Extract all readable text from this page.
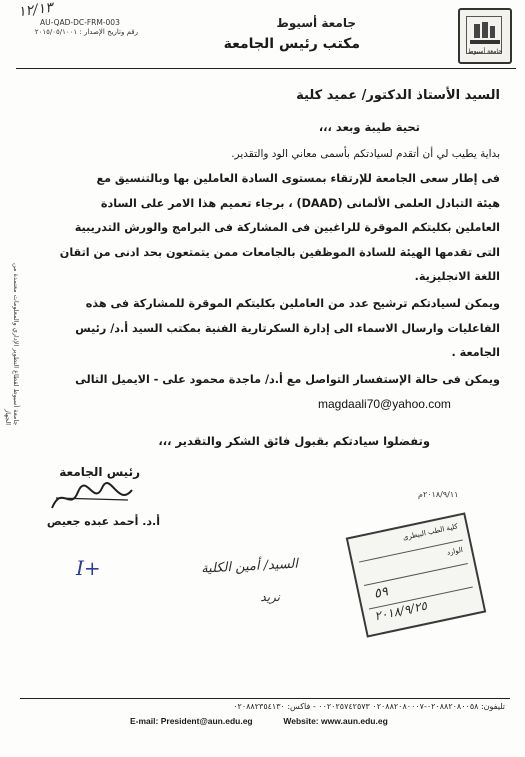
١٢/١٣
AU-QAD-DC-FRM-003
رقم وتاريخ الإصدار : ٢٠١٥/٠٥/١٠٠١
جامعة أسيوط
مكتب رئيس الجامعة	جامعة أسيوط
السيد الأستاذ الدكتور/ عميد كلية
تحية طيبة وبعد ،،،
بداية يطيب لي أن أتقدم لسيادتكم بأسمى معاني الود والتقدير.
فى إطار سعى الجامعة للإرتقاء بمستوى السادة العاملين بها وبالتنسيق مع
هيئة التبادل العلمى الألمانى (DAAD) ، برجاء تعميم هذا الامر على السادة
العاملين بكليتكم الموقرة للراغبين فى المشاركة فى البرامج والورش التدريبية
التى تقدمها الهيئة للسادة الموظفين بالجامعات ممن يتمتعون بحد ادنى من اتقان
اللغة الانجليزية.
ويمكن لسيادتكم ترشيح عدد من العاملين بكليتكم الموقرة للمشاركة فى هذه
الفاعليات وارسال الاسماء الى إدارة السكرتارية الفنية بمكتب السيد أ.د/ رئيس
الجامعة .
ويمكن فى حالة الإستفسار التواصل مع أ.د/ ماجدة محمود على - الايميل التالى
magdaali70@yahoo.com
وتفضلوا سيادتكم بقبول فائق الشكر والتقدير ،،،
رئيس الجامعة
أ.د. أحمد عبده جعيص
٢٠١٨/٩/١١م
I+	السيد/ أمين الكلية
نريد
كلية الطب البيطرى
الوارد
٥٩
٢٠١٨/٩/٢٥
جامعة أسيوط لقطاع التطوير الإداري والمعلومات معتمدة من الجهاز
تليفون: ٠٢٠٨٨٢٠٨٠٠٥٨-٠٢٠٨٨٢٠٨٠٠٠٧ ٠٠٢٠٢٥٧٤٢٥٧٣ - فاكس: ٠٢٠٨٨٢٣٥٤١٣٠
E-mail: President@aun.edu.eg	Website: www.aun.edu.eg
